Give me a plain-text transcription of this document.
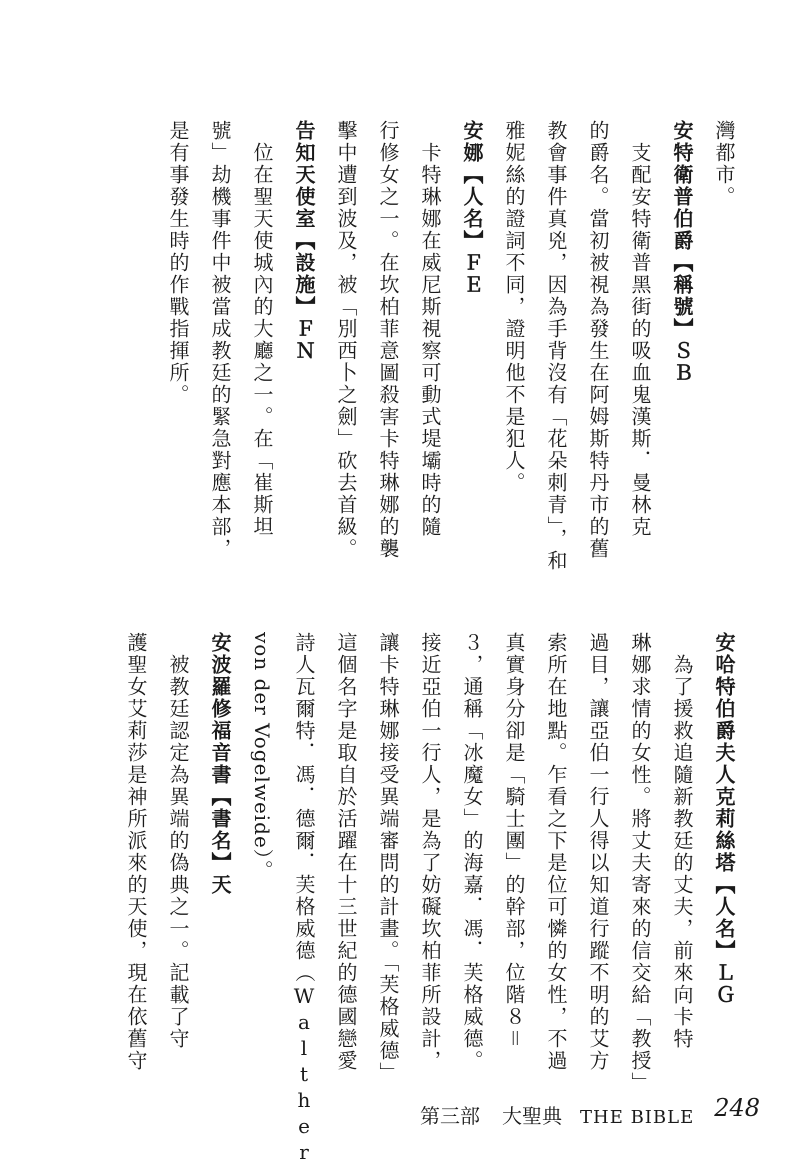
灣都市。
安特衛普伯爵【稱號】ＳＢ
支配安特衛普黑街的吸血鬼漢斯．曼林克
的爵名。當初被視為發生在阿姆斯特丹市的舊
教會事件真兇，因為手背沒有「花朵刺青」，和
雅妮絲的證詞不同，證明他不是犯人。
安娜【人名】ＦＥ
卡特琳娜在威尼斯視察可動式堤壩時的隨
行修女之一。在坎柏菲意圖殺害卡特琳娜的襲
擊中遭到波及，被「別西卜之劍」砍去首級。
告知天使室【設施】ＦＮ
位在聖天使城內的大廳之一。在「崔斯坦
號」劫機事件中被當成教廷的緊急對應本部，
是有事發生時的作戰指揮所。
安哈特伯爵夫人克莉絲塔【人名】ＬＧ
為了援救追隨新教廷的丈夫，前來向卡特
琳娜求情的女性。將丈夫寄來的信交給「教授」
過目，讓亞伯一行人得以知道行蹤不明的艾方
索所在地點。乍看之下是位可憐的女性，不過
真實身分卻是「騎士團」的幹部，位階８＝
３，通稱「冰魔女」的海嘉．馮．芙格威德。
接近亞伯一行人，是為了妨礙坎柏菲所設計，
讓卡特琳娜接受異端審問的計畫。「芙格威德」
這個名字是取自於活躍在十三世紀的德國戀愛
詩人瓦爾特．馮．德爾．芙格威德（Walther
von der Vogelweide）。
安波羅修福音書【書名】天
被教廷認定為異端的偽典之一。記載了守
護聖女艾莉莎是神所派來的天使，現在依舊守
第三部 大聖典 THE BIBLE 248
